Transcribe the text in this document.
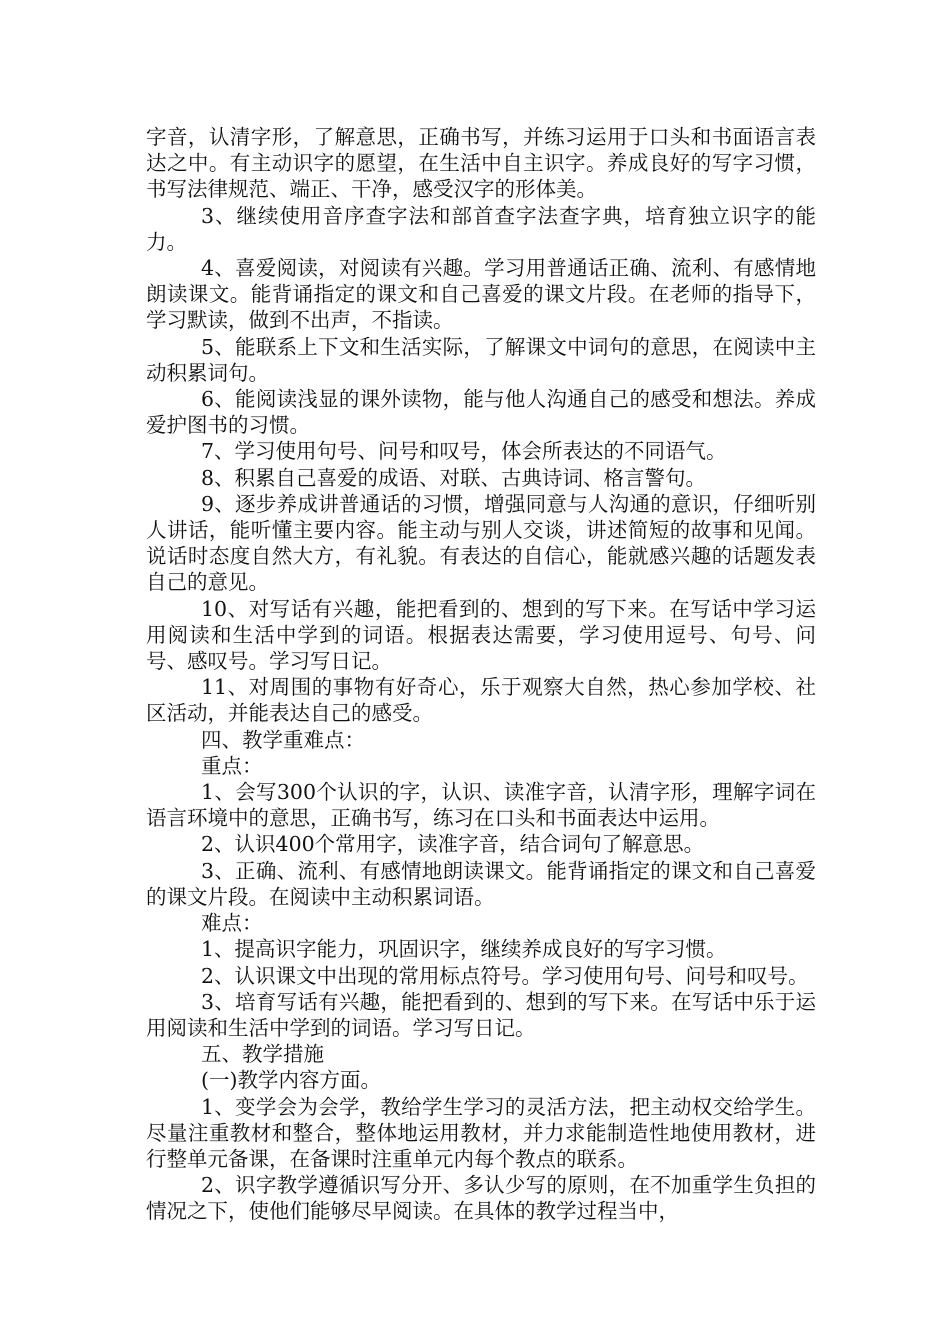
字音，认清字形，了解意思，正确书写，并练习运用于口头和书面语言表达之中。有主动识字的愿望，在生活中自主识字。养成良好的写字习惯，书写法律规范、端正、干净，感受汉字的形体美。

3、继续使用音序查字法和部首查字法查字典，培育独立识字的能力。

4、喜爱阅读，对阅读有兴趣。学习用普通话正确、流利、有感情地朗读课文。能背诵指定的课文和自己喜爱的课文片段。在老师的指导下，学习默读，做到不出声，不指读。

5、能联系上下文和生活实际，了解课文中词句的意思，在阅读中主动积累词句。

6、能阅读浅显的课外读物，能与他人沟通自己的感受和想法。养成爱护图书的习惯。

7、学习使用句号、问号和叹号，体会所表达的不同语气。

8、积累自己喜爱的成语、对联、古典诗词、格言警句。

9、逐步养成讲普通话的习惯，增强同意与人沟通的意识，仔细听别人讲话，能听懂主要内容。能主动与别人交谈，讲述简短的故事和见闻。说话时态度自然大方，有礼貌。有表达的自信心，能就感兴趣的话题发表自己的意见。

10、对写话有兴趣，能把看到的、想到的写下来。在写话中学习运用阅读和生活中学到的词语。根据表达需要，学习使用逗号、句号、问号、感叹号。学习写日记。

11、对周围的事物有好奇心，乐于观察大自然，热心参加学校、社区活动，并能表达自己的感受。

四、教学重难点：

重点：

1、会写300个认识的字，认识、读准字音，认清字形，理解字词在语言环境中的意思，正确书写，练习在口头和书面表达中运用。

2、认识400个常用字，读准字音，结合词句了解意思。

3、正确、流利、有感情地朗读课文。能背诵指定的课文和自己喜爱的课文片段。在阅读中主动积累词语。

难点：

1、提高识字能力，巩固识字，继续养成良好的写字习惯。

2、认识课文中出现的常用标点符号。学习使用句号、问号和叹号。

3、培育写话有兴趣，能把看到的、想到的写下来。在写话中乐于运用阅读和生活中学到的词语。学习写日记。

五、教学措施

(一)教学内容方面。

1、变学会为会学，教给学生学习的灵活方法，把主动权交给学生。尽量注重教材和整合，整体地运用教材，并力求能制造性地使用教材，进行整单元备课，在备课时注重单元内每个教点的联系。

2、识字教学遵循识写分开、多认少写的原则，在不加重学生负担的情况之下，使他们能够尽早阅读。在具体的教学过程当中，
